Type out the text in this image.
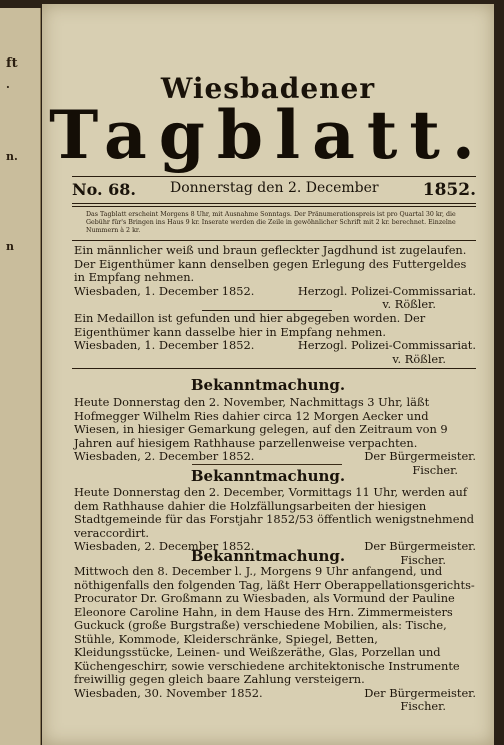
ft
.
n.
n
Wiesbadener
Tagblatt.
No. 68. Donnerstag den 2. December	1852.
Das Tagblatt erscheint Morgens 8 Uhr, mit Ausnahme Sonntags. Der Pränumerationspreis ist pro Quartal 30 kr, die Gebühr für's Bringen ins Haus 9 kr. Inserate werden die Zeile in gewöhnlicher Schrift mit 2 kr. berechnet. Einzelne Nummern à 2 kr.

Ein männlicher weiß und braun gefleckter Jagdhund ist zugelaufen. Der Eigenthümer kann denselben gegen Erlegung des Futtergeldes in Empfang nehmen.

Wiesbaden, 1. December 1852.	Herzogl. Polizei-Commissariat.

v. Rößler.

Ein Medaillon ist gefunden und hier abgegeben worden. Der Eigenthümer kann dasselbe hier in Empfang nehmen.

Wiesbaden, 1. December 1852.	Herzogl. Polizei-Commissariat.

v. Rößler.

Bekanntmachung.

Heute Donnerstag den 2. November, Nachmittags 3 Uhr, läßt Hofmegger Wilhelm Ries dahier circa 12 Morgen Aecker und Wiesen, in hiesiger Gemarkung gelegen, auf den Zeitraum von 9 Jahren auf hiesigem Rathhause parzellenweise verpachten.

Wiesbaden, 2. December 1852.	Der Bürgermeister.

Fischer.

Bekanntmachung.

Heute Donnerstag den 2. December, Vormittags 11 Uhr, werden auf dem Rathhause dahier die Holzfällungsarbeiten der hiesigen Stadtgemeinde für das Forstjahr 1852/53 öffentlich wenigstnehmend veraccordirt.

Wiesbaden, 2. December 1852.	Der Bürgermeister.

Fischer.

Bekanntmachung.

Mittwoch den 8. December l. J., Morgens 9 Uhr anfangend, und nöthigenfalls den folgenden Tag, läßt Herr Oberappellationsgerichts-Procurator Dr. Großmann zu Wiesbaden, als Vormund der Pauline Eleonore Caroline Hahn, in dem Hause des Hrn. Zimmermeisters Guckuck (große Burgstraße) verschiedene Mobilien, als: Tische, Stühle, Kommode, Kleiderschränke, Spiegel, Betten, Kleidungsstücke, Leinen- und Weißzeräthe, Glas, Porzellan und Küchengeschirr, sowie verschiedene architektonische Instrumente freiwillig gegen gleich baare Zahlung versteigern.

Wiesbaden, 30. November 1852.	Der Bürgermeister.

Fischer.
